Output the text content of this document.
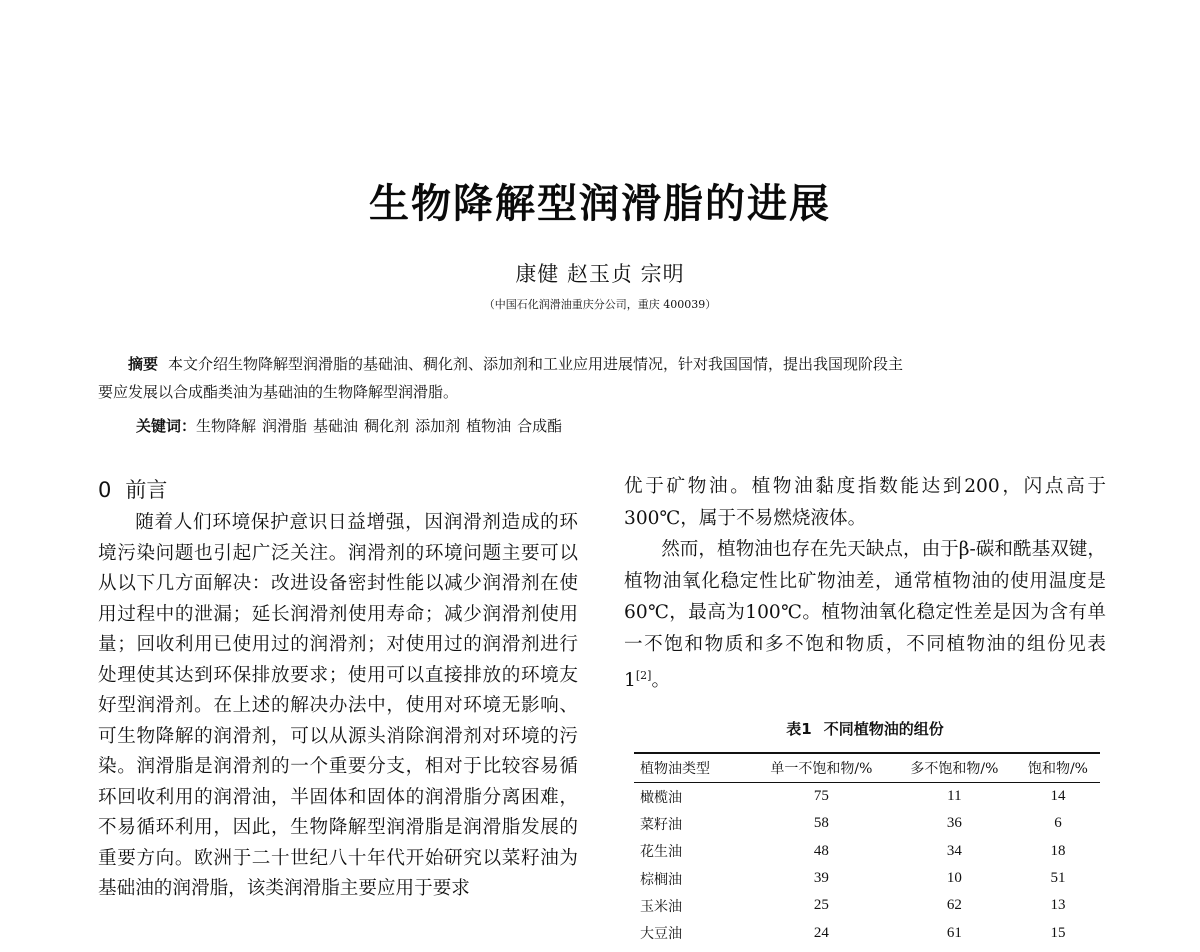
生物降解型润滑脂的进展
康健 赵玉贞 宗明
（中国石化润滑油重庆分公司，重庆 400039）
摘要 本文介绍生物降解型润滑脂的基础油、稠化剂、添加剂和工业应用进展情况，针对我国国情，提出我国现阶段主
要应发展以合成酯类油为基础油的生物降解型润滑脂。
关键词：生物降解 润滑脂 基础油 稠化剂 添加剂 植物油 合成酯
0 前言

随着人们环境保护意识日益增强，因润滑剂造成的环境污染问题也引起广泛关注。润滑剂的环境问题主要可以从以下几方面解决：改进设备密封性能以减少润滑剂在使用过程中的泄漏；延长润滑剂使用寿命；减少润滑剂使用量；回收利用已使用过的润滑剂；对使用过的润滑剂进行处理使其达到环保排放要求；使用可以直接排放的环境友好型润滑剂。在上述的解决办法中，使用对环境无影响、可生物降解的润滑剂，可以从源头消除润滑剂对环境的污染。润滑脂是润滑剂的一个重要分支，相对于比较容易循环回收利用的润滑油，半固体和固体的润滑脂分离困难，不易循环利用，因此，生物降解型润滑脂是润滑脂发展的重要方向。欧洲于二十世纪八十年代开始研究以菜籽油为基础油的润滑脂，该类润滑脂主要应用于要求

优于矿物油。植物油黏度指数能达到200，闪点高于300℃，属于不易燃烧液体。

然而，植物油也存在先天缺点，由于β-碳和酰基双键，植物油氧化稳定性比矿物油差，通常植物油的使用温度是60℃，最高为100℃。植物油氧化稳定性差是因为含有单一不饱和物质和多不饱和物质，不同植物油的组份见表1[2]。

表1 不同植物油的组份
植物油类型	单一不饱和物/%	多不饱和物/%	饱和物/%
橄榄油	75	11	14
菜籽油	58	36	6
花生油	48	34	18
棕榈油	39	10	51
玉米油	25	62	13
大豆油	24	61	15
